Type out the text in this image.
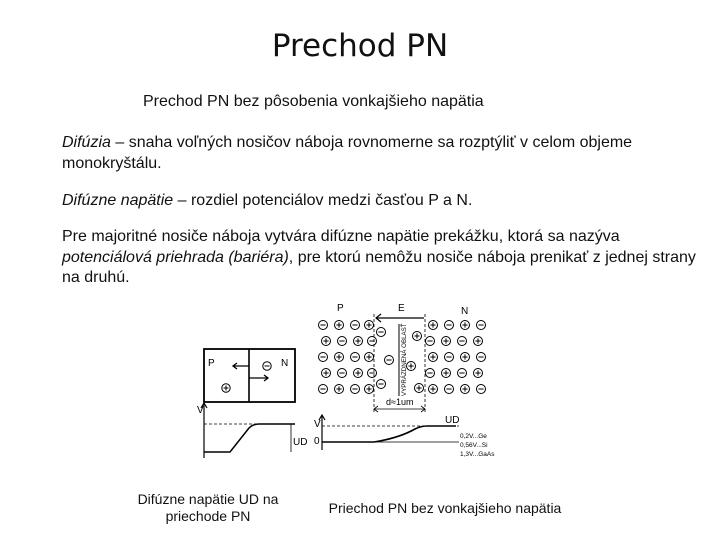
Prechod PN
Prechod PN bez pôsobenia vonkajšieho napätia
Difúzia – snaha voľných nosičov náboja rovnomerne sa rozptýliť v celom objeme monokryštálu.
Difúzne napätie – rozdiel potenciálov medzi časťou P a N.
Pre majoritné nosiče náboja vytvára difúzne napätie prekážku, ktorá sa nazýva potenciálová priehrada (bariéra), pre ktorú nemôžu nosiče náboja prenikať z jednej strany na druhú.
P	N
V
UD
P	E	N
VYPRÁZDNENÁ OBLASŤ
d≈1um
V
0
UD
0,2V...Ge
0,56V...Si
1,3V...GaAs
Difúzne napätie UD na priechode PN	Priechod PN bez vonkajšieho napätia
